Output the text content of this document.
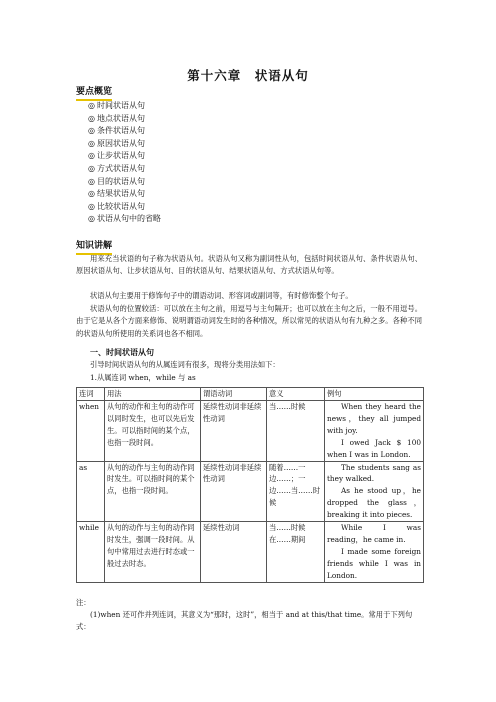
第十六章　状语从句
要点概览
◎ 时间状语从句
◎ 地点状语从句
◎ 条件状语从句
◎ 原因状语从句
◎ 让步状语从句
◎ 方式状语从句
◎ 目的状语从句
◎ 结果状语从句
◎ 比较状语从句
◎ 状语从句中的省略
知识讲解
用来充当状语的句子称为状语从句。状语从句又称为副词性从句，包括时间状语从句、条件状语从句、原因状语从句、让步状语从句、目的状语从句、结果状语从句、方式状语从句等。
状语从句主要用于修饰句子中的谓语动词、形容词或副词等，有时修饰整个句子。
状语从句的位置较活：可以放在主句之前，用逗号与主句隔开；也可以放在主句之后，一般不用逗号。由于它是从各个方面来修饰、说明谓语动词发生时的各种情况，所以常见的状语从句有九种之多。各种不同的状语从句所使用的关系词也各不相同。
一、时间状语从句
引导时间状语从句的从属连词有很多，现将分类用法如下：
1.从属连词 when，while 与 as
连词	用法	谓语动词	意义	例句
when	从句的动作和主句的动作可以同时发生，也可以先后发生。可以指时间的某个点，也指一段时间。	延续性动词非延续性动词	当……时候	When they heard the news，they all jumped with joy.
I owed Jack $ 100 when I was in London.

as	从句的动作与主句的动作同时发生。可以指时间的某个点，也指一段时间。	延续性动词非延续性动词	随着……一边……；一边……当……时候	The students sang as they walked.
As he stood up，he dropped the glass，breaking it into pieces.

while	从句的动作与主句的动作同时发生，强调一段时间。从句中常用过去进行时态或一般过去时态。	延续性动词	当……时候在……期间	While I was reading，he came in.
I made some foreign friends while I was in London.
注：
(1)when 还可作并列连词，其意义为“那时，这时”，相当于 and at this/that time。常用于下列句式：
